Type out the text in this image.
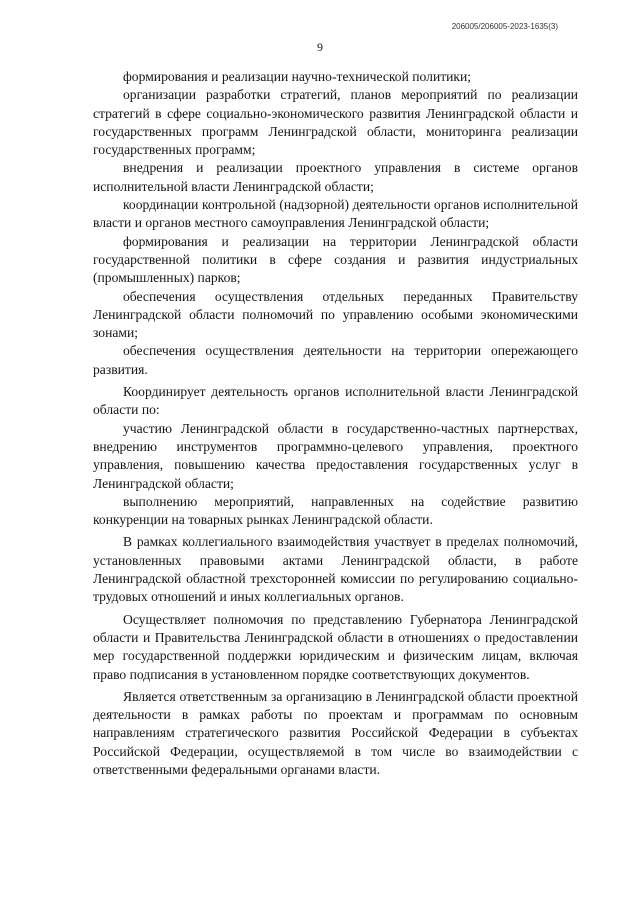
206005/206005-2023-1635(3)
9

формирования и реализации научно-технической политики;

организации разработки стратегий, планов мероприятий по реализации стратегий в сфере социально-экономического развития Ленинградской области и государственных программ Ленинградской области, мониторинга реализации государственных программ;

внедрения и реализации проектного управления в системе органов исполнительной власти Ленинградской области;

координации контрольной (надзорной) деятельности органов исполнительной власти и органов местного самоуправления Ленинградской области;

формирования и реализации на территории Ленинградской области государственной политики в сфере создания и развития индустриальных (промышленных) парков;

обеспечения осуществления отдельных переданных Правительству Ленинградской области полномочий по управлению особыми экономическими зонами;

обеспечения осуществления деятельности на территории опережающего развития.

Координирует деятельность органов исполнительной власти Ленинградской области по:

участию Ленинградской области в государственно-частных партнерствах, внедрению инструментов программно-целевого управления, проектного управления, повышению качества предоставления государственных услуг в Ленинградской области;

выполнению мероприятий, направленных на содействие развитию конкуренции на товарных рынках Ленинградской области.

В рамках коллегиального взаимодействия участвует в пределах полномочий, установленных правовыми актами Ленинградской области, в работе Ленинградской областной трехсторонней комиссии по регулированию социально-трудовых отношений и иных коллегиальных органов.

Осуществляет полномочия по представлению Губернатора Ленинградской области и Правительства Ленинградской области в отношениях о предоставлении мер государственной поддержки юридическим и физическим лицам, включая право подписания в установленном порядке соответствующих документов.

Является ответственным за организацию в Ленинградской области проектной деятельности в рамках работы по проектам и программам по основным направлениям стратегического развития Российской Федерации в субъектах Российской Федерации, осуществляемой в том числе во взаимодействии с ответственными федеральными органами власти.
